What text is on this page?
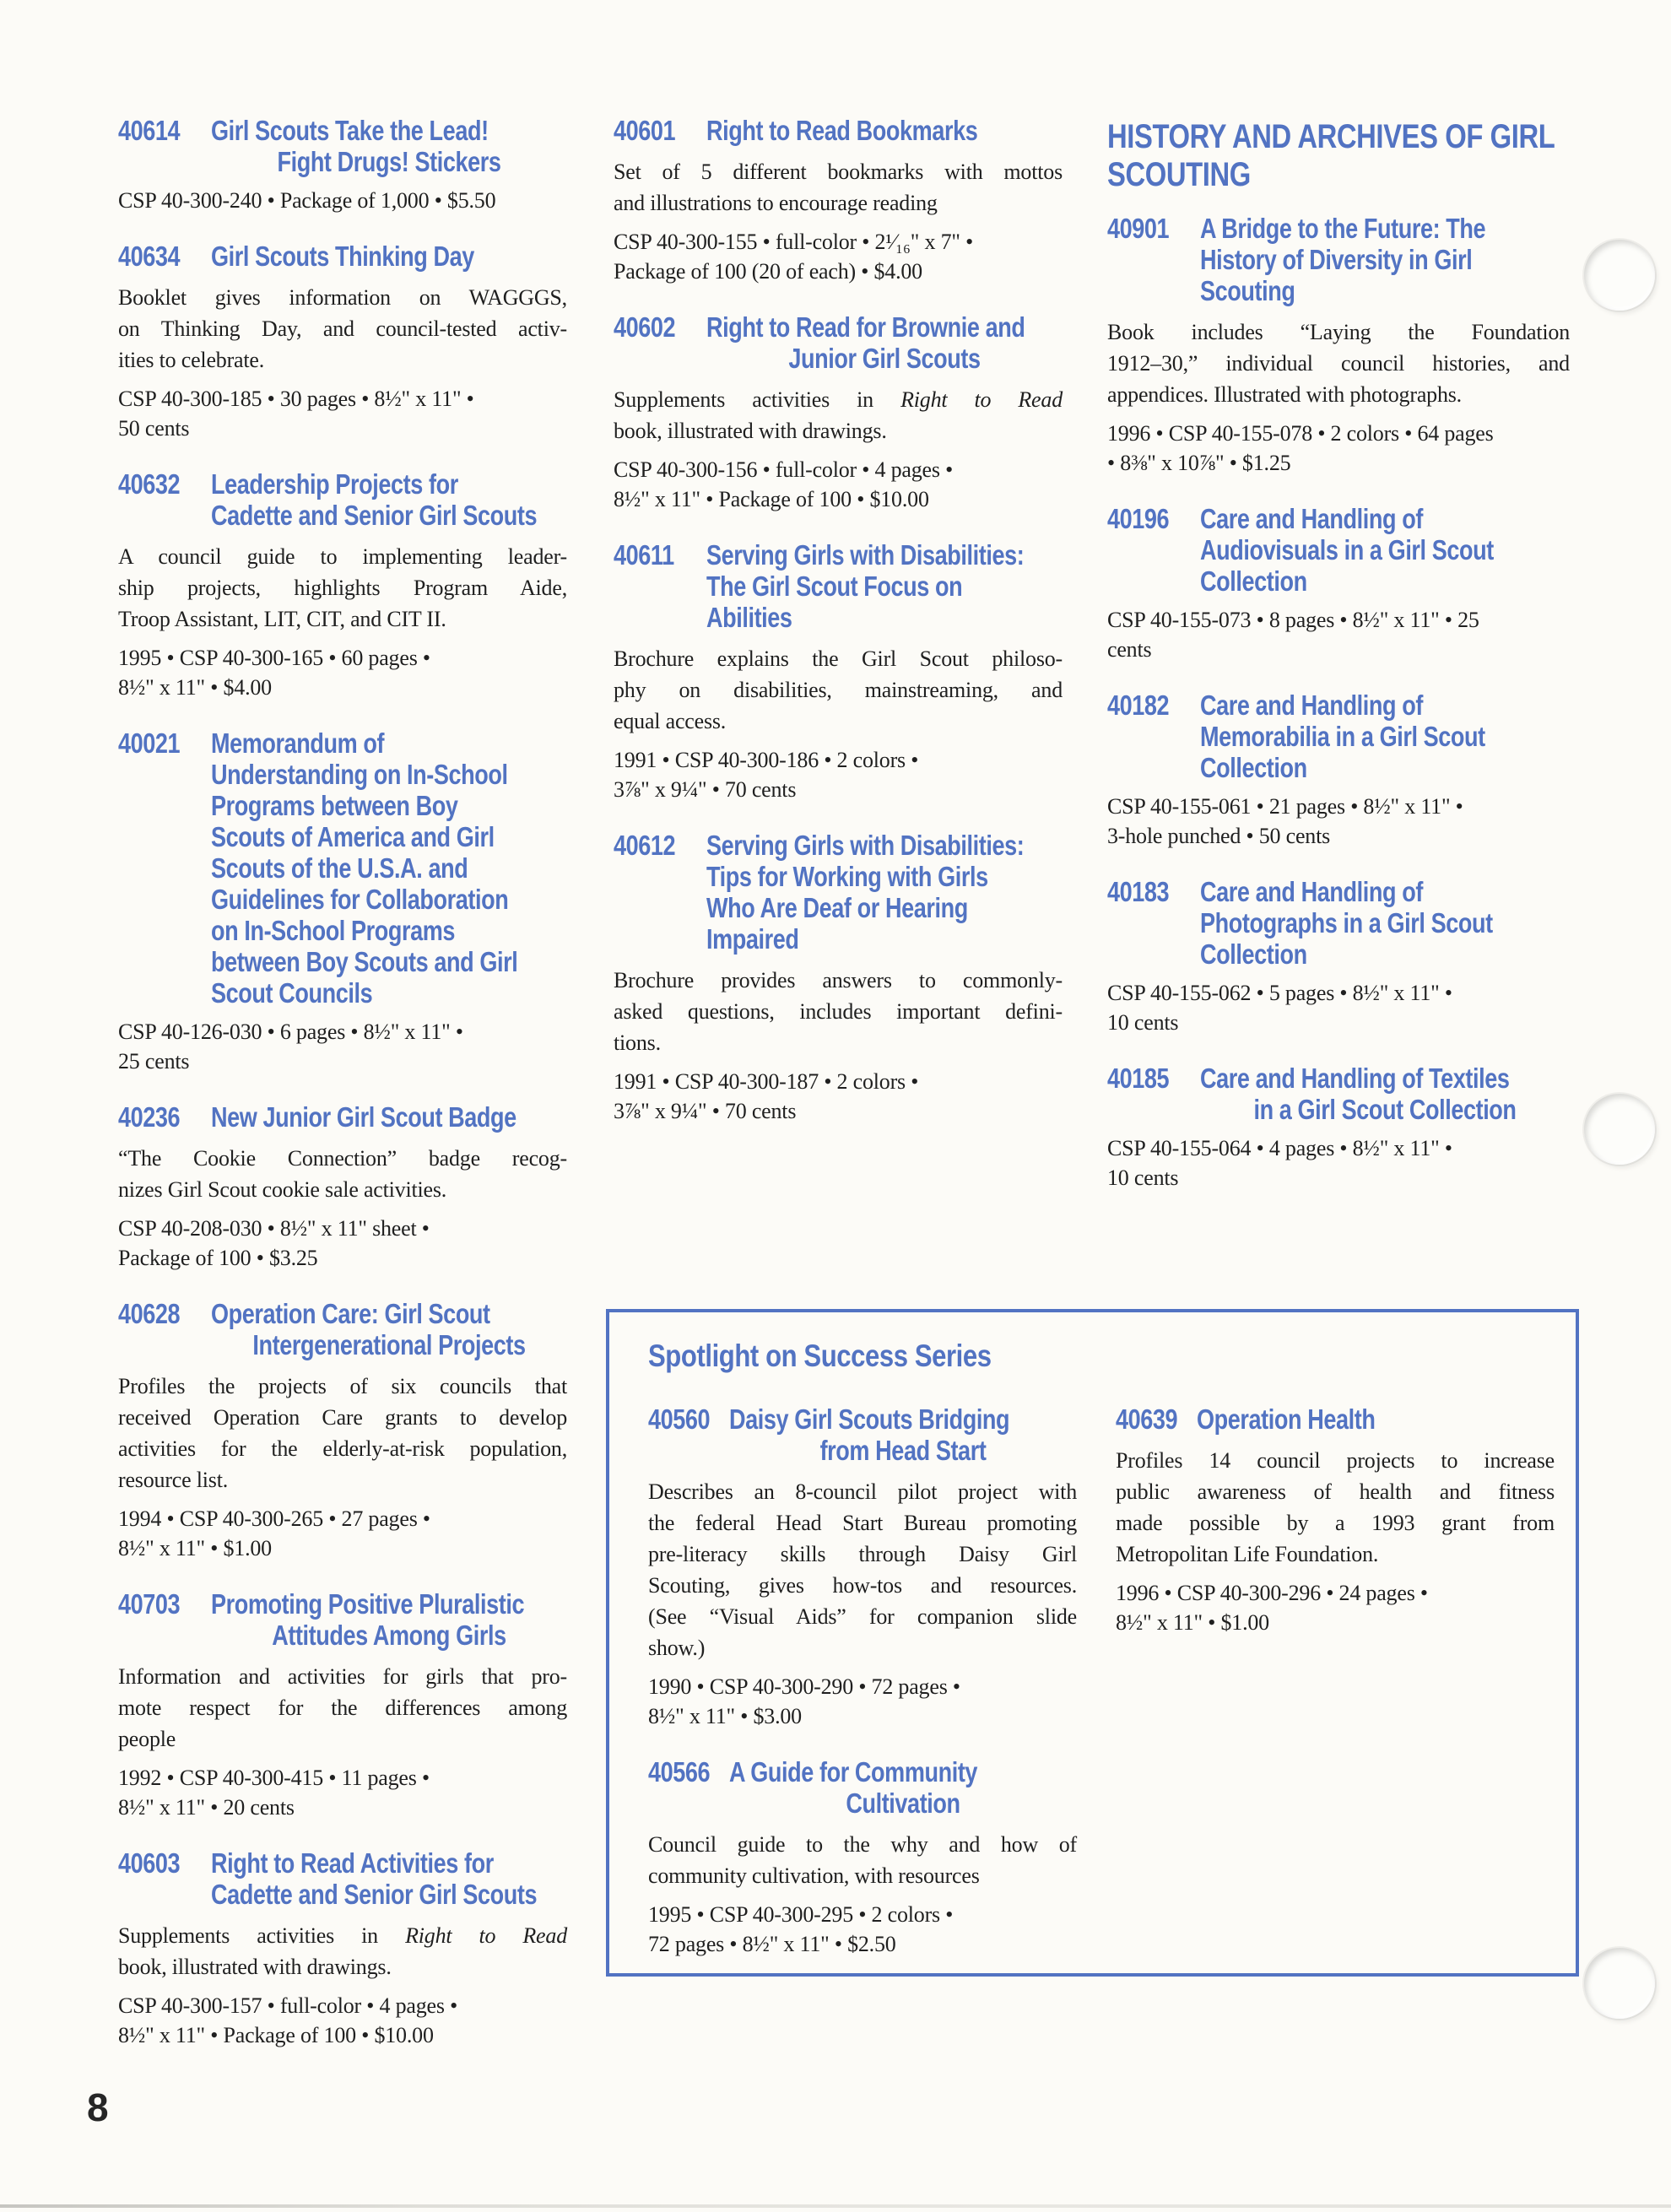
40614 Girl Scouts Take the Lead!
Fight Drugs! Stickers
CSP 40-300-240 • Package of 1,000 • $5.50
40634 Girl Scouts Thinking Day
Booklet gives information on WAGGGS,
on Thinking Day, and council-tested activ-
ities to celebrate.
CSP 40-300-185 • 30 pages • 8½" x 11" •
50 cents
40632 Leadership Projects for
Cadette and Senior Girl Scouts
A council guide to implementing leader-
ship projects, highlights Program Aide,
Troop Assistant, LIT, CIT, and CIT II.
1995 • CSP 40-300-165 • 60 pages •
8½" x 11" • $4.00
40021 Memorandum of
Understanding on In-School
Programs between Boy
Scouts of America and Girl
Scouts of the U.S.A. and
Guidelines for Collaboration
on In-School Programs
between Boy Scouts and Girl
Scout Councils
CSP 40-126-030 • 6 pages • 8½" x 11" •
25 cents
40236 New Junior Girl Scout Badge
“The Cookie Connection” badge recog-
nizes Girl Scout cookie sale activities.
CSP 40-208-030 • 8½" x 11" sheet •
Package of 100 • $3.25
40628 Operation Care: Girl Scout
Intergenerational Projects
Profiles the projects of six councils that
received Operation Care grants to develop
activities for the elderly-at-risk population,
resource list.
1994 • CSP 40-300-265 • 27 pages •
8½" x 11" • $1.00
40703 Promoting Positive Pluralistic
Attitudes Among Girls
Information and activities for girls that pro-
mote respect for the differences among
people
1992 • CSP 40-300-415 • 11 pages •
8½" x 11" • 20 cents
40603 Right to Read Activities for
Cadette and Senior Girl Scouts
Supplements activities in Right to Read
book, illustrated with drawings.
CSP 40-300-157 • full-color • 4 pages •
8½" x 11" • Package of 100 • $10.00
40601 Right to Read Bookmarks
Set of 5 different bookmarks with mottos
and illustrations to encourage reading
CSP 40-300-155 • full-color • 2¹⁄₁₆" x 7" •
Package of 100 (20 of each) • $4.00
40602 Right to Read for Brownie and
Junior Girl Scouts
Supplements activities in Right to Read
book, illustrated with drawings.
CSP 40-300-156 • full-color • 4 pages •
8½" x 11" • Package of 100 • $10.00
40611 Serving Girls with Disabilities:
The Girl Scout Focus on
Abilities
Brochure explains the Girl Scout philoso-
phy on disabilities, mainstreaming, and
equal access.
1991 • CSP 40-300-186 • 2 colors •
3⅞" x 9¼" • 70 cents
40612 Serving Girls with Disabilities:
Tips for Working with Girls
Who Are Deaf or Hearing
Impaired
Brochure provides answers to commonly-
asked questions, includes important defini-
tions.
1991 • CSP 40-300-187 • 2 colors •
3⅞" x 9¼" • 70 cents
HISTORY AND ARCHIVES OF GIRL
SCOUTING
40901 A Bridge to the Future: The
History of Diversity in Girl
Scouting
Book includes “Laying the Foundation
1912–30,” individual council histories, and
appendices. Illustrated with photographs.
1996 • CSP 40-155-078 • 2 colors • 64 pages
• 8⅜" x 10⅞" • $1.25
40196 Care and Handling of
Audiovisuals in a Girl Scout
Collection
CSP 40-155-073 • 8 pages • 8½" x 11" • 25
cents
40182 Care and Handling of
Memorabilia in a Girl Scout
Collection
CSP 40-155-061 • 21 pages • 8½" x 11" •
3-hole punched • 50 cents
40183 Care and Handling of
Photographs in a Girl Scout
Collection
CSP 40-155-062 • 5 pages • 8½" x 11" •
10 cents
40185 Care and Handling of Textiles
in a Girl Scout Collection
CSP 40-155-064 • 4 pages • 8½" x 11" •
10 cents
Spotlight on Success Series
40560 Daisy Girl Scouts Bridging
from Head Start
Describes an 8-council pilot project with
the federal Head Start Bureau promoting
pre-literacy skills through Daisy Girl
Scouting, gives how-tos and resources.
(See “Visual Aids” for companion slide
show.)
1990 • CSP 40-300-290 • 72 pages •
8½" x 11" • $3.00
40566 A Guide for Community
Cultivation
Council guide to the why and how of
community cultivation, with resources
1995 • CSP 40-300-295 • 2 colors •
72 pages • 8½" x 11" • $2.50
40639 Operation Health
Profiles 14 council projects to increase
public awareness of health and fitness
made possible by a 1993 grant from
Metropolitan Life Foundation.
1996 • CSP 40-300-296 • 24 pages •
8½" x 11" • $1.00
8
